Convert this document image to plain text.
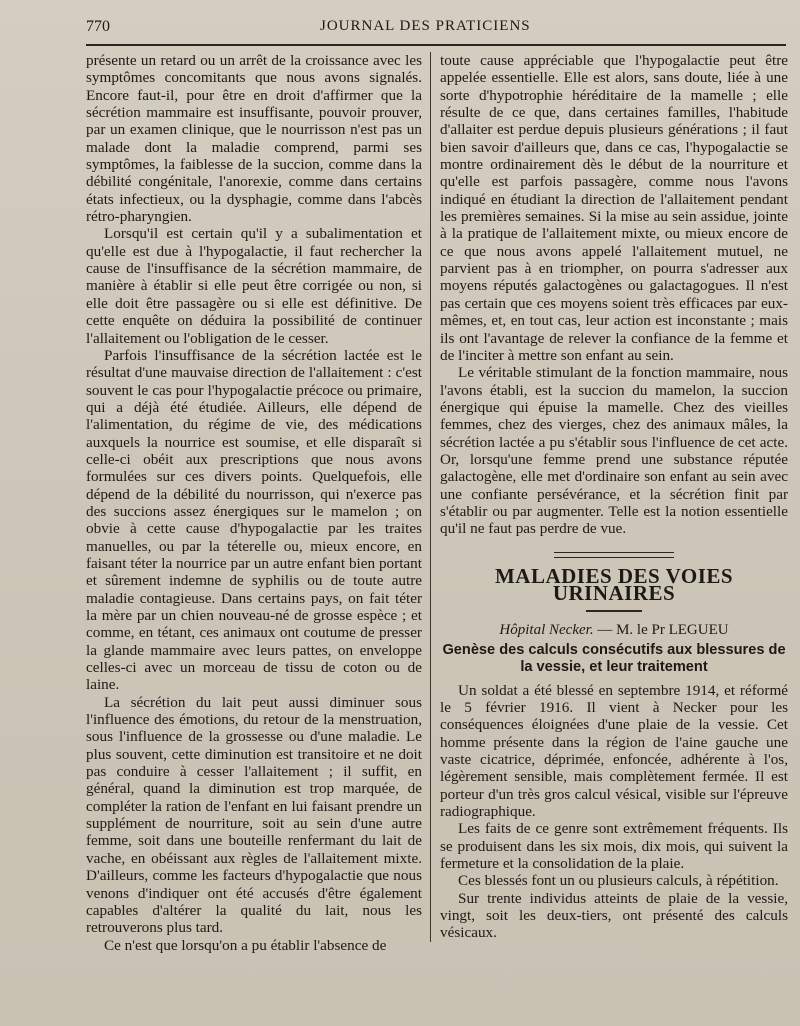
770	JOURNAL DES PRATICIENS

présente un retard ou un arrêt de la croissance avec les symptômes concomitants que nous avons signalés. Encore faut-il, pour être en droit d'affirmer que la sécrétion mammaire est insuffisante, pouvoir prouver, par un examen clinique, que le nourrisson n'est pas un malade dont la maladie comprend, parmi ses symptômes, la faiblesse de la succion, comme dans la débilité congénitale, l'anorexie, comme dans certains états infectieux, ou la dysphagie, comme dans l'abcès rétro-pharyngien.

Lorsqu'il est certain qu'il y a subalimentation et qu'elle est due à l'hypogalactie, il faut rechercher la cause de l'insuffisance de la sécrétion mammaire, de manière à établir si elle peut être corrigée ou non, si elle doit être passagère ou si elle est définitive. De cette enquête on déduira la possibilité de continuer l'allaitement ou l'obligation de le cesser.

Parfois l'insuffisance de la sécrétion lactée est le résultat d'une mauvaise direction de l'allaitement : c'est souvent le cas pour l'hypogalactie précoce ou primaire, qui a déjà été étudiée. Ailleurs, elle dépend de l'alimentation, du régime de vie, des médications auxquels la nourrice est soumise, et elle disparaît si celle-ci obéit aux prescriptions que nous avons formulées sur ces divers points. Quelquefois, elle dépend de la débilité du nourrisson, qui n'exerce pas des succions assez énergiques sur le mamelon ; on obvie à cette cause d'hypogalactie par les traites manuelles, ou par la téterelle ou, mieux encore, en faisant téter la nourrice par un autre enfant bien portant et sûrement indemne de syphilis ou de toute autre maladie contagieuse. Dans certains pays, on fait téter la mère par un chien nouveau-né de grosse espèce ; et comme, en tétant, ces animaux ont coutume de presser la glande mammaire avec leurs pattes, on enveloppe celles-ci avec un morceau de tissu de coton ou de laine.

La sécrétion du lait peut aussi diminuer sous l'influence des émotions, du retour de la menstruation, sous l'influence de la grossesse ou d'une maladie. Le plus souvent, cette diminution est transitoire et ne doit pas conduire à cesser l'allaitement ; il suffit, en général, quand la diminution est trop marquée, de compléter la ration de l'enfant en lui faisant prendre un supplément de nourriture, soit au sein d'une autre femme, soit dans une bouteille renfermant du lait de vache, en obéissant aux règles de l'allaitement mixte. D'ailleurs, comme les facteurs d'hypogalactie que nous venons d'indiquer ont été accusés d'être également capables d'altérer la qualité du lait, nous les retrouverons plus tard.

Ce n'est que lorsqu'on a pu établir l'absence de

toute cause appréciable que l'hypogalactie peut être appelée essentielle. Elle est alors, sans doute, liée à une sorte d'hypotrophie héréditaire de la mamelle ; elle résulte de ce que, dans certaines familles, l'habitude d'allaiter est perdue depuis plusieurs générations ; il faut bien savoir d'ailleurs que, dans ce cas, l'hypogalactie se montre ordinairement dès le début de la nourriture et qu'elle est parfois passagère, comme nous l'avons indiqué en étudiant la direction de l'allaitement pendant les premières semaines. Si la mise au sein assidue, jointe à la pratique de l'allaitement mixte, ou mieux encore de ce que nous avons appelé l'allaitement mutuel, ne parvient pas à en triompher, on pourra s'adresser aux moyens réputés galactogènes ou galactagogues. Il n'est pas certain que ces moyens soient très efficaces par eux-mêmes, et, en tout cas, leur action est inconstante ; mais ils ont l'avantage de relever la confiance de la femme et de l'inciter à mettre son enfant au sein.

Le véritable stimulant de la fonction mammaire, nous l'avons établi, est la succion du mamelon, la succion énergique qui épuise la mamelle. Chez des vieilles femmes, chez des vierges, chez des animaux mâles, la sécrétion lactée a pu s'établir sous l'influence de cet acte. Or, lorsqu'une femme prend une substance réputée galactogène, elle met d'ordinaire son enfant au sein avec une confiante persévérance, et la sécrétion finit par s'établir ou par augmenter. Telle est la notion essentielle qu'il ne faut pas perdre de vue.

MALADIES DES VOIES URINAIRES

Hôpital Necker. — M. le Pr LEGUEU

Genèse des calculs consécutifs aux blessures de la vessie, et leur traitement

Un soldat a été blessé en septembre 1914, et réformé le 5 février 1916. Il vient à Necker pour les conséquences éloignées d'une plaie de la vessie. Cet homme présente dans la région de l'aine gauche une vaste cicatrice, déprimée, enfoncée, adhérente à l'os, légèrement sensible, mais complètement fermée. Il est porteur d'un très gros calcul vésical, visible sur l'épreuve radiographique.

Les faits de ce genre sont extrêmement fréquents. Ils se produisent dans les six mois, dix mois, qui suivent la fermeture et la consolidation de la plaie.

Ces blessés font un ou plusieurs calculs, à répétition.

Sur trente individus atteints de plaie de la vessie, vingt, soit les deux-tiers, ont présenté des calculs vésicaux.
